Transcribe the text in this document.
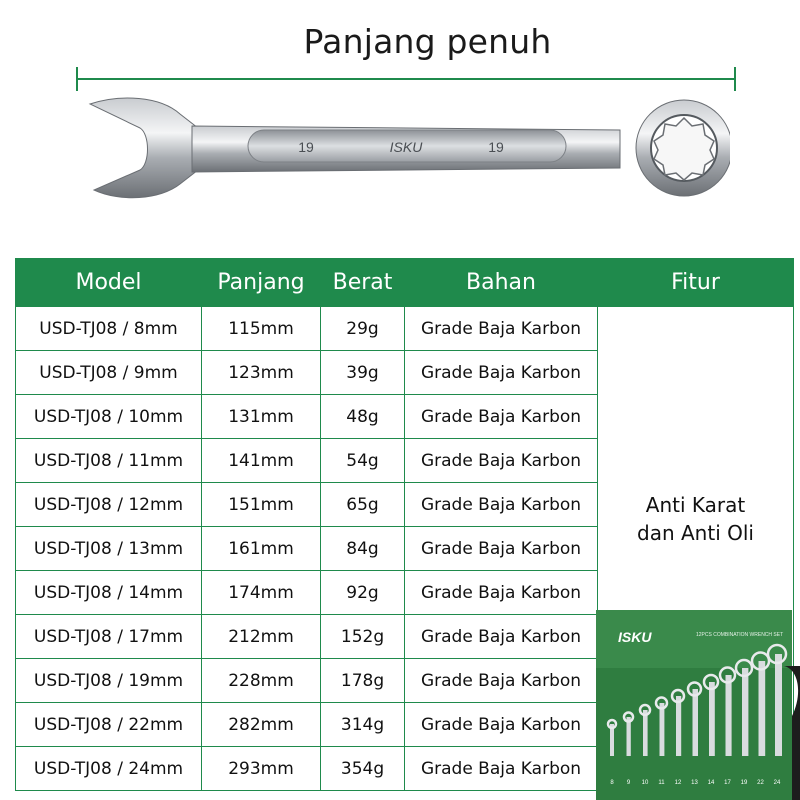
Panjang penuh
19	ISKU	19
Model	Panjang	Berat	Bahan	Fitur
USD-TJ08 / 8mm	115mm	29g	Grade Baja Karbon	Anti Karat
dan Anti Oli

USD-TJ08 / 9mm	123mm	39g	Grade Baja Karbon	
USD-TJ08 / 10mm	131mm	48g	Grade Baja Karbon	
USD-TJ08 / 11mm	141mm	54g	Grade Baja Karbon	
USD-TJ08 / 12mm	151mm	65g	Grade Baja Karbon	
USD-TJ08 / 13mm	161mm	84g	Grade Baja Karbon	
USD-TJ08 / 14mm	174mm	92g	Grade Baja Karbon	
USD-TJ08 / 17mm	212mm	152g	Grade Baja Karbon	
USD-TJ08 / 19mm	228mm	178g	Grade Baja Karbon	
USD-TJ08 / 22mm	282mm	314g	Grade Baja Karbon	
USD-TJ08 / 24mm	293mm	354g	Grade Baja Karbon	
ISKU	12PCS COMBINATION WRENCH SET
8 9 10 11 12 13 14 17 19 22 24
